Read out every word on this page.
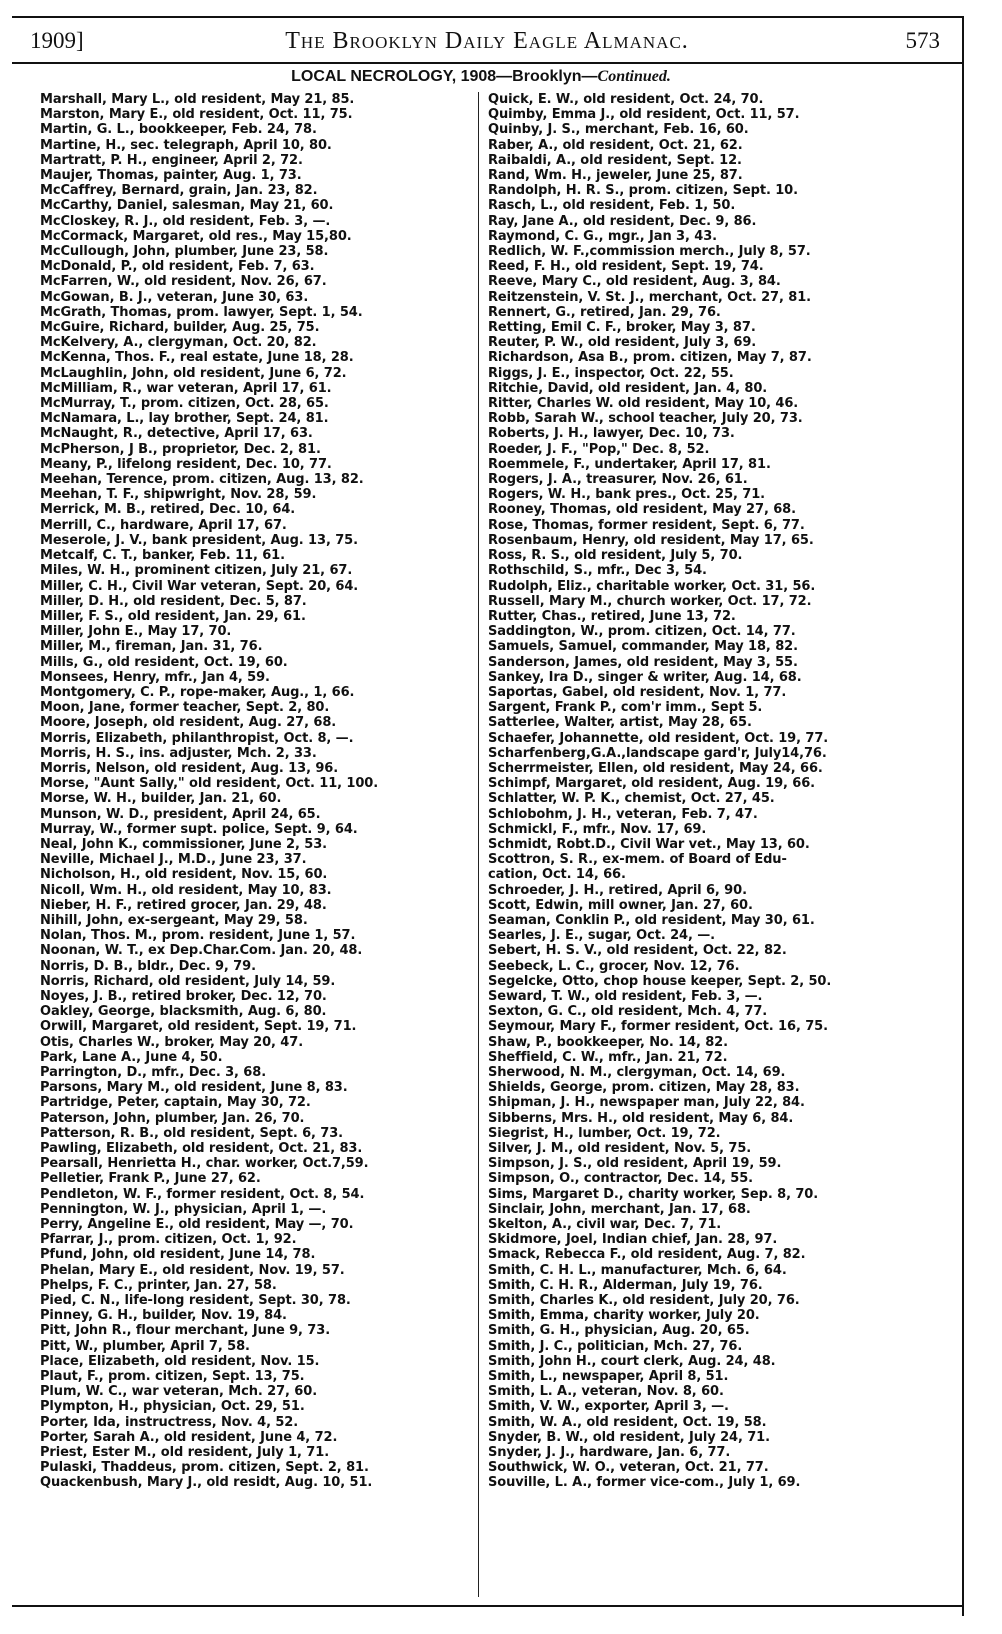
1909]	The Brooklyn Daily Eagle Almanac.	573
LOCAL NECROLOGY, 1908—Brooklyn—Continued.
Marshall, Mary L., old resident, May 21, 85.
Marston, Mary E., old resident, Oct. 11, 75.
Martin, G. L., bookkeeper, Feb. 24, 78.
Martine, H., sec. telegraph, April 10, 80.
Martratt, P. H., engineer, April 2, 72.
Maujer, Thomas, painter, Aug. 1, 73.
McCaffrey, Bernard, grain, Jan. 23, 82.
McCarthy, Daniel, salesman, May 21, 60.
McCloskey, R. J., old resident, Feb. 3, —.
McCormack, Margaret, old res., May 15,80.
McCullough, John, plumber, June 23, 58.
McDonald, P., old resident, Feb. 7, 63.
McFarren, W., old resident, Nov. 26, 67.
McGowan, B. J., veteran, June 30, 63.
McGrath, Thomas, prom. lawyer, Sept. 1, 54.
McGuire, Richard, builder, Aug. 25, 75.
McKelvery, A., clergyman, Oct. 20, 82.
McKenna, Thos. F., real estate, June 18, 28.
McLaughlin, John, old resident, June 6, 72.
McMilliam, R., war veteran, April 17, 61.
McMurray, T., prom. citizen, Oct. 28, 65.
McNamara, L., lay brother, Sept. 24, 81.
McNaught, R., detective, April 17, 63.
McPherson, J B., proprietor, Dec. 2, 81.
Meany, P., lifelong resident, Dec. 10, 77.
Meehan, Terence, prom. citizen, Aug. 13, 82.
Meehan, T. F., shipwright, Nov. 28, 59.
Merrick, M. B., retired, Dec. 10, 64.
Merrill, C., hardware, April 17, 67.
Meserole, J. V., bank president, Aug. 13, 75.
Metcalf, C. T., banker, Feb. 11, 61.
Miles, W. H., prominent citizen, July 21, 67.
Miller, C. H., Civil War veteran, Sept. 20, 64.
Miller, D. H., old resident, Dec. 5, 87.
Miller, F. S., old resident, Jan. 29, 61.
Miller, John E., May 17, 70.
Miller, M., fireman, Jan. 31, 76.
Mills, G., old resident, Oct. 19, 60.
Monsees, Henry, mfr., Jan 4, 59.
Montgomery, C. P., rope-maker, Aug., 1, 66.
Moon, Jane, former teacher, Sept. 2, 80.
Moore, Joseph, old resident, Aug. 27, 68.
Morris, Elizabeth, philanthropist, Oct. 8, —.
Morris, H. S., ins. adjuster, Mch. 2, 33.
Morris, Nelson, old resident, Aug. 13, 96.
Morse, "Aunt Sally," old resident, Oct. 11, 100.
Morse, W. H., builder, Jan. 21, 60.
Munson, W. D., president, April 24, 65.
Murray, W., former supt. police, Sept. 9, 64.
Neal, John K., commissioner, June 2, 53.
Neville, Michael J., M.D., June 23, 37.
Nicholson, H., old resident, Nov. 15, 60.
Nicoll, Wm. H., old resident, May 10, 83.
Nieber, H. F., retired grocer, Jan. 29, 48.
Nihill, John, ex-sergeant, May 29, 58.
Nolan, Thos. M., prom. resident, June 1, 57.
Noonan, W. T., ex Dep.Char.Com. Jan. 20, 48.
Norris, D. B., bldr., Dec. 9, 79.
Norris, Richard, old resident, July 14, 59.
Noyes, J. B., retired broker, Dec. 12, 70.
Oakley, George, blacksmith, Aug. 6, 80.
Orwill, Margaret, old resident, Sept. 19, 71.
Otis, Charles W., broker, May 20, 47.
Park, Lane A., June 4, 50.
Parrington, D., mfr., Dec. 3, 68.
Parsons, Mary M., old resident, June 8, 83.
Partridge, Peter, captain, May 30, 72.
Paterson, John, plumber, Jan. 26, 70.
Patterson, R. B., old resident, Sept. 6, 73.
Pawling, Elizabeth, old resident, Oct. 21, 83.
Pearsall, Henrietta H., char. worker, Oct.7,59.
Pelletier, Frank P., June 27, 62.
Pendleton, W. F., former resident, Oct. 8, 54.
Pennington, W. J., physician, April 1, —.
Perry, Angeline E., old resident, May —, 70.
Pfarrar, J., prom. citizen, Oct. 1, 92.
Pfund, John, old resident, June 14, 78.
Phelan, Mary E., old resident, Nov. 19, 57.
Phelps, F. C., printer, Jan. 27, 58.
Pied, C. N., life-long resident, Sept. 30, 78.
Pinney, G. H., builder, Nov. 19, 84.
Pitt, John R., flour merchant, June 9, 73.
Pitt, W., plumber, April 7, 58.
Place, Elizabeth, old resident, Nov. 15.
Plaut, F., prom. citizen, Sept. 13, 75.
Plum, W. C., war veteran, Mch. 27, 60.
Plympton, H., physician, Oct. 29, 51.
Porter, Ida, instructress, Nov. 4, 52.
Porter, Sarah A., old resident, June 4, 72.
Priest, Ester M., old resident, July 1, 71.
Pulaski, Thaddeus, prom. citizen, Sept. 2, 81.
Quackenbush, Mary J., old residt, Aug. 10, 51.
Quick, E. W., old resident, Oct. 24, 70.
Quimby, Emma J., old resident, Oct. 11, 57.
Quinby, J. S., merchant, Feb. 16, 60.
Raber, A., old resident, Oct. 21, 62.
Raibaldi, A., old resident, Sept. 12.
Rand, Wm. H., jeweler, June 25, 87.
Randolph, H. R. S., prom. citizen, Sept. 10.
Rasch, L., old resident, Feb. 1, 50.
Ray, Jane A., old resident, Dec. 9, 86.
Raymond, C. G., mgr., Jan 3, 43.
Redlich, W. F.,commission merch., July 8, 57.
Reed, F. H., old resident, Sept. 19, 74.
Reeve, Mary C., old resident, Aug. 3, 84.
Reitzenstein, V. St. J., merchant, Oct. 27, 81.
Rennert, G., retired, Jan. 29, 76.
Retting, Emil C. F., broker, May 3, 87.
Reuter, P. W., old resident, July 3, 69.
Richardson, Asa B., prom. citizen, May 7, 87.
Riggs, J. E., inspector, Oct. 22, 55.
Ritchie, David, old resident, Jan. 4, 80.
Ritter, Charles W. old resident, May 10, 46.
Robb, Sarah W., school teacher, July 20, 73.
Roberts, J. H., lawyer, Dec. 10, 73.
Roeder, J. F., "Pop," Dec. 8, 52.
Roemmele, F., undertaker, April 17, 81.
Rogers, J. A., treasurer, Nov. 26, 61.
Rogers, W. H., bank pres., Oct. 25, 71.
Rooney, Thomas, old resident, May 27, 68.
Rose, Thomas, former resident, Sept. 6, 77.
Rosenbaum, Henry, old resident, May 17, 65.
Ross, R. S., old resident, July 5, 70.
Rothschild, S., mfr., Dec 3, 54.
Rudolph, Eliz., charitable worker, Oct. 31, 56.
Russell, Mary M., church worker, Oct. 17, 72.
Rutter, Chas., retired, June 13, 72.
Saddington, W., prom. citizen, Oct. 14, 77.
Samuels, Samuel, commander, May 18, 82.
Sanderson, James, old resident, May 3, 55.
Sankey, Ira D., singer & writer, Aug. 14, 68.
Saportas, Gabel, old resident, Nov. 1, 77.
Sargent, Frank P., com'r imm., Sept 5.
Satterlee, Walter, artist, May 28, 65.
Schaefer, Johannette, old resident, Oct. 19, 77.
Scharfenberg,G.A.,landscape gard'r, July14,76.
Scherrmeister, Ellen, old resident, May 24, 66.
Schimpf, Margaret, old resident, Aug. 19, 66.
Schlatter, W. P. K., chemist, Oct. 27, 45.
Schlobohm, J. H., veteran, Feb. 7, 47.
Schmickl, F., mfr., Nov. 17, 69.
Schmidt, Robt.D., Civil War vet., May 13, 60.
Scottron, S. R., ex-mem. of Board of Edu-
cation, Oct. 14, 66.
Schroeder, J. H., retired, April 6, 90.
Scott, Edwin, mill owner, Jan. 27, 60.
Seaman, Conklin P., old resident, May 30, 61.
Searles, J. E., sugar, Oct. 24, —.
Sebert, H. S. V., old resident, Oct. 22, 82.
Seebeck, L. C., grocer, Nov. 12, 76.
Segelcke, Otto, chop house keeper, Sept. 2, 50.
Seward, T. W., old resident, Feb. 3, —.
Sexton, G. C., old resident, Mch. 4, 77.
Seymour, Mary F., former resident, Oct. 16, 75.
Shaw, P., bookkeeper, No. 14, 82.
Sheffield, C. W., mfr., Jan. 21, 72.
Sherwood, N. M., clergyman, Oct. 14, 69.
Shields, George, prom. citizen, May 28, 83.
Shipman, J. H., newspaper man, July 22, 84.
Sibberns, Mrs. H., old resident, May 6, 84.
Siegrist, H., lumber, Oct. 19, 72.
Silver, J. M., old resident, Nov. 5, 75.
Simpson, J. S., old resident, April 19, 59.
Simpson, O., contractor, Dec. 14, 55.
Sims, Margaret D., charity worker, Sep. 8, 70.
Sinclair, John, merchant, Jan. 17, 68.
Skelton, A., civil war, Dec. 7, 71.
Skidmore, Joel, Indian chief, Jan. 28, 97.
Smack, Rebecca F., old resident, Aug. 7, 82.
Smith, C. H. L., manufacturer, Mch. 6, 64.
Smith, C. H. R., Alderman, July 19, 76.
Smith, Charles K., old resident, July 20, 76.
Smith, Emma, charity worker, July 20.
Smith, G. H., physician, Aug. 20, 65.
Smith, J. C., politician, Mch. 27, 76.
Smith, John H., court clerk, Aug. 24, 48.
Smith, L., newspaper, April 8, 51.
Smith, L. A., veteran, Nov. 8, 60.
Smith, V. W., exporter, April 3, —.
Smith, W. A., old resident, Oct. 19, 58.
Snyder, B. W., old resident, July 24, 71.
Snyder, J. J., hardware, Jan. 6, 77.
Southwick, W. O., veteran, Oct. 21, 77.
Souville, L. A., former vice-com., July 1, 69.
